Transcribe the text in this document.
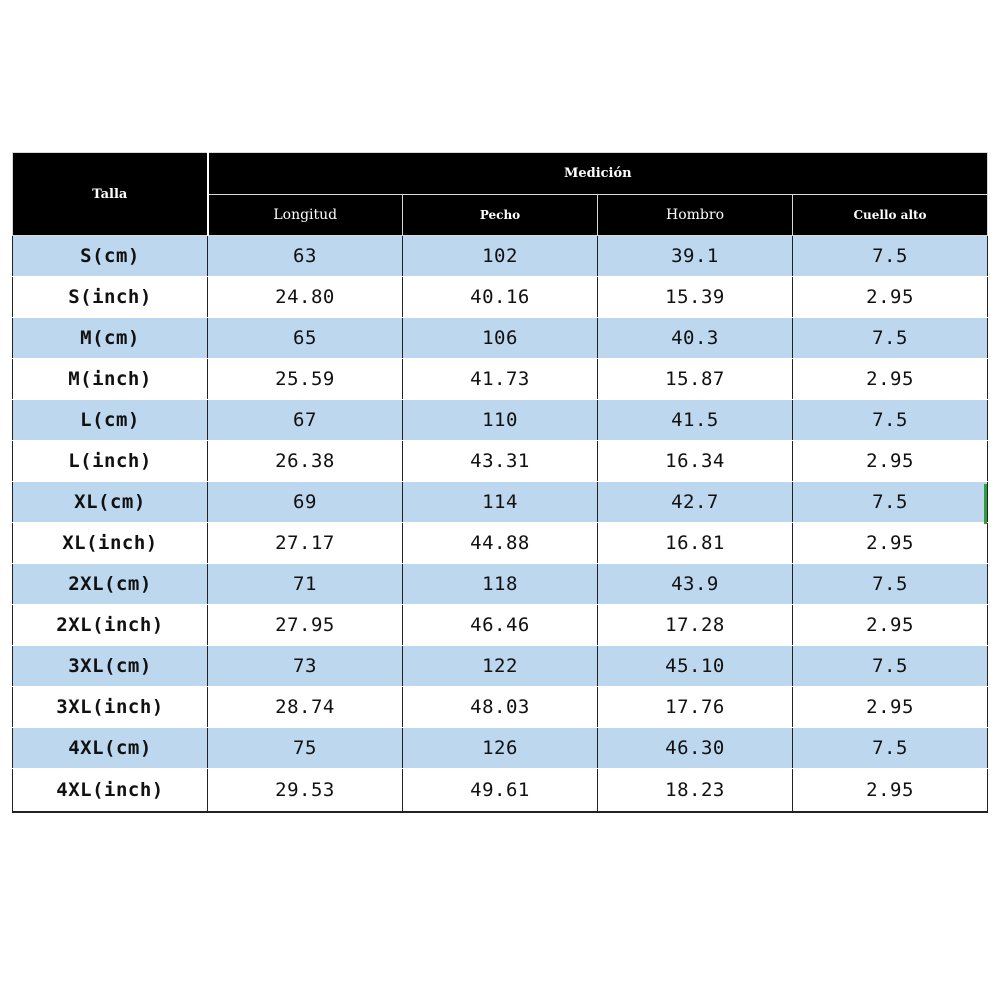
Talla	Medición			
	Longitud	Pecho	Hombro	Cuello alto
S(cm)	63	102	39.1	7.5
S(inch)	24.80	40.16	15.39	2.95
M(cm)	65	106	40.3	7.5
M(inch)	25.59	41.73	15.87	2.95
L(cm)	67	110	41.5	7.5
L(inch)	26.38	43.31	16.34	2.95
XL(cm)	69	114	42.7	7.5
XL(inch)	27.17	44.88	16.81	2.95
2XL(cm)	71	118	43.9	7.5
2XL(inch)	27.95	46.46	17.28	2.95
3XL(cm)	73	122	45.10	7.5
3XL(inch)	28.74	48.03	17.76	2.95
4XL(cm)	75	126	46.30	7.5
4XL(inch)	29.53	49.61	18.23	2.95
